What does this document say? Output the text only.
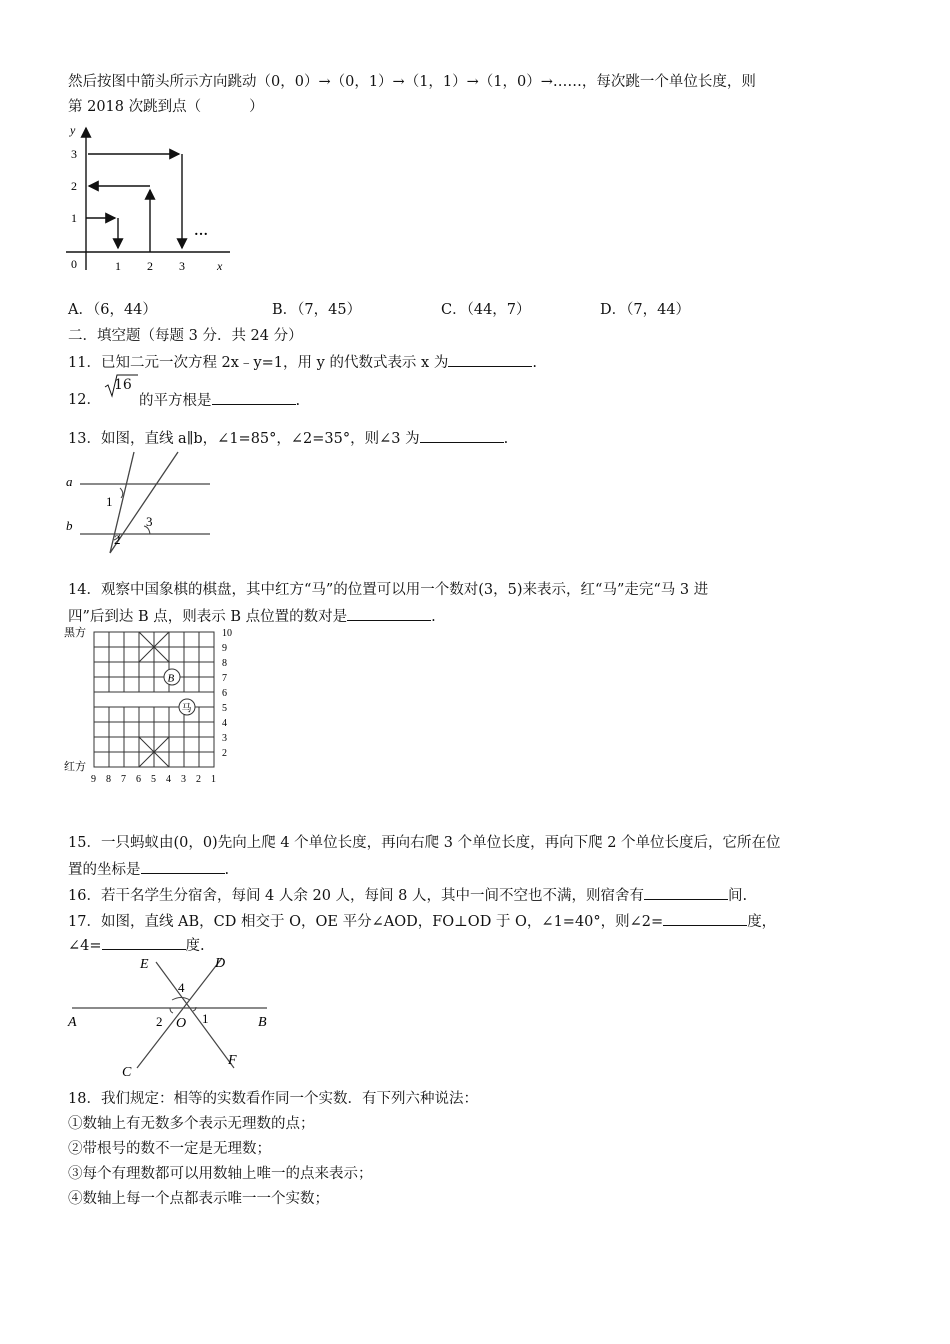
然后按图中箭头所示方向跳动（0，0）→（0，1）→（1，1）→（1，0）→……，每次跳一个单位长度，则
第 2018 次跳到点（	）
y
x
0
1
2
3
1 2 3
…
A．（6，44）	B．（7，45）	C．（44，7）	D．（7，44）
二．填空题（每题 3 分．共 24 分）
11．已知二元一次方程 2x﹣y=1，用 y 的代数式表示 x 为	.
12．
16
的平方根是	.
13．如图，直线 a∥b，∠1=85°，∠2=35°，则∠3 为	.
a
b
1
2
3
14．观察中国象棋的棋盘，其中红方“马”的位置可以用一个数对(3，5)来表示，红“马”走完“马 3 进
四”后到达 B 点，则表示 B 点位置的数对是	.
黑方
红方
10
9
8
7
6
5
4
3
2
9 8 7 6 5 4 3 2 1
B
马
15．一只蚂蚁由(0，0)先向上爬 4 个单位长度，再向右爬 3 个单位长度，再向下爬 2 个单位长度后，它所在位
置的坐标是	.
16．若干名学生分宿舍，每间 4 人余 20 人，每间 8 人，其中一间不空也不满，则宿舍有	间.
17．如图，直线 AB，CD 相交于 O，OE 平分∠AOD，FO⊥OD 于 O，∠1=40°，则∠2=	度，
∠4=	度.
A	B
C
D
E
F
O 1
2
4
18．我们规定：相等的实数看作同一个实数．有下列六种说法：
①数轴上有无数多个表示无理数的点；
②带根号的数不一定是无理数；
③每个有理数都可以用数轴上唯一的点来表示；
④数轴上每一个点都表示唯一一个实数；
